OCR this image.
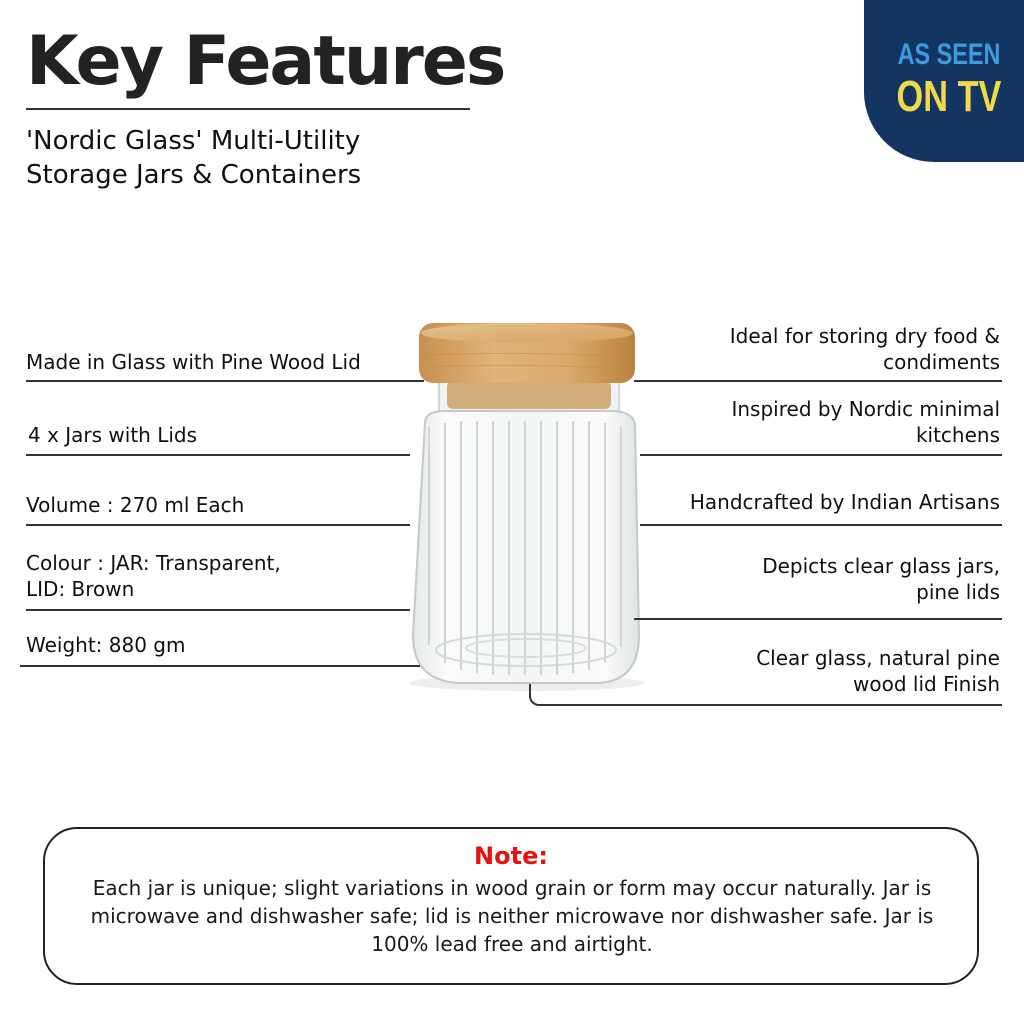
Key Features
'Nordic Glass' Multi-Utility
Storage Jars & Containers
AS SEEN
ON TV
Made in Glass with Pine Wood Lid
4 x Jars with Lids
Volume : 270 ml Each
Colour : JAR: Transparent,
LID: Brown
Weight: 880 gm
Ideal for storing dry food &
condiments
Inspired by Nordic minimal
kitchens
Handcrafted by Indian Artisans
Depicts clear glass jars,
pine lids
Clear glass, natural pine
wood lid Finish
Note:
Each jar is unique; slight variations in wood grain or form may occur naturally. Jar is microwave and dishwasher safe; lid is neither microwave nor dishwasher safe. Jar is 100% lead free and airtight.
